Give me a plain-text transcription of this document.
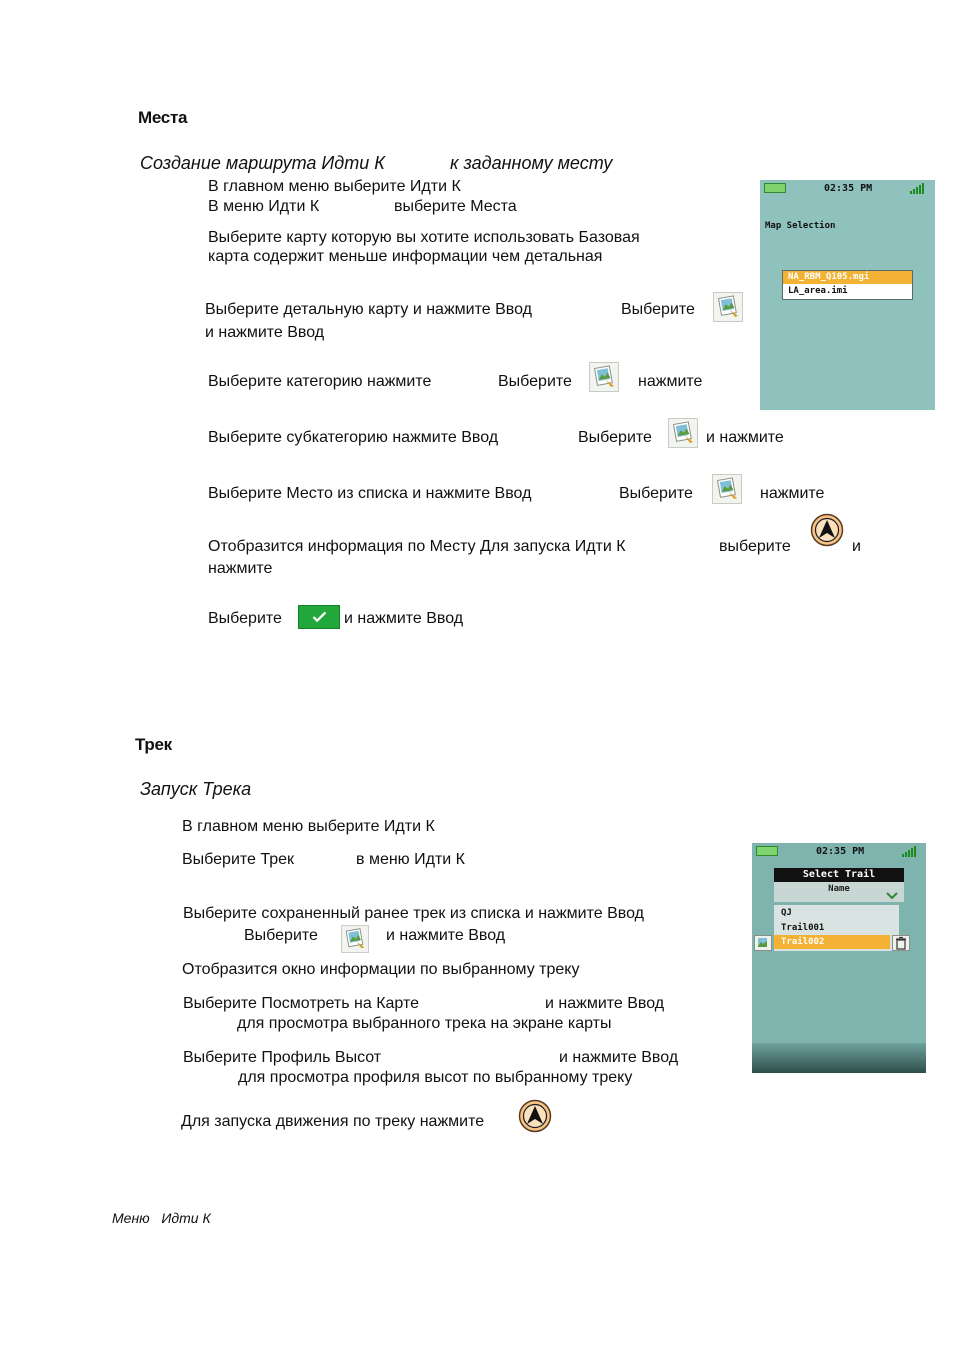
Места
Создание маршрута Идти К	к заданному месту
В главном меню выберите Идти К
В меню Идти К	выберите Места
Выберите карту которую вы хотите использовать Базовая
карта содержит меньше информации чем детальная
Выберите детальную карту и нажмите Ввод	Выберите
и нажмите Ввод
Выберите категорию нажмите	Выберите	нажмите
Выберите субкатегорию нажмите Ввод	Выберите	и нажмите
Выберите Место из списка и нажмите Ввод	Выберите	нажмите
Отобразится информация по Месту Для запуска Идти К	выберите	и
нажмите
Выберите	и нажмите Ввод
02:35 PM
Map Selection
NA_RBM_Q105.mgi
LA_area.imi
Трек
Запуск Трека
В главном меню выберите Идти К
Выберите Трек	в меню Идти К
Выберите сохраненный ранее трек из списка и нажмите Ввод
Выберите	и нажмите Ввод
Отобразится окно информации по выбранному треку
Выберите Посмотреть на Карте	и нажмите Ввод
для просмотра выбранного трека на экране карты
Выберите Профиль Высот	и нажмите Ввод
для просмотра профиля высот по выбранному треку
Для запуска движения по треку нажмите
02:35 PM
Select Trail
Name
QJ
Trail001
Trail002
Меню   Идти К
